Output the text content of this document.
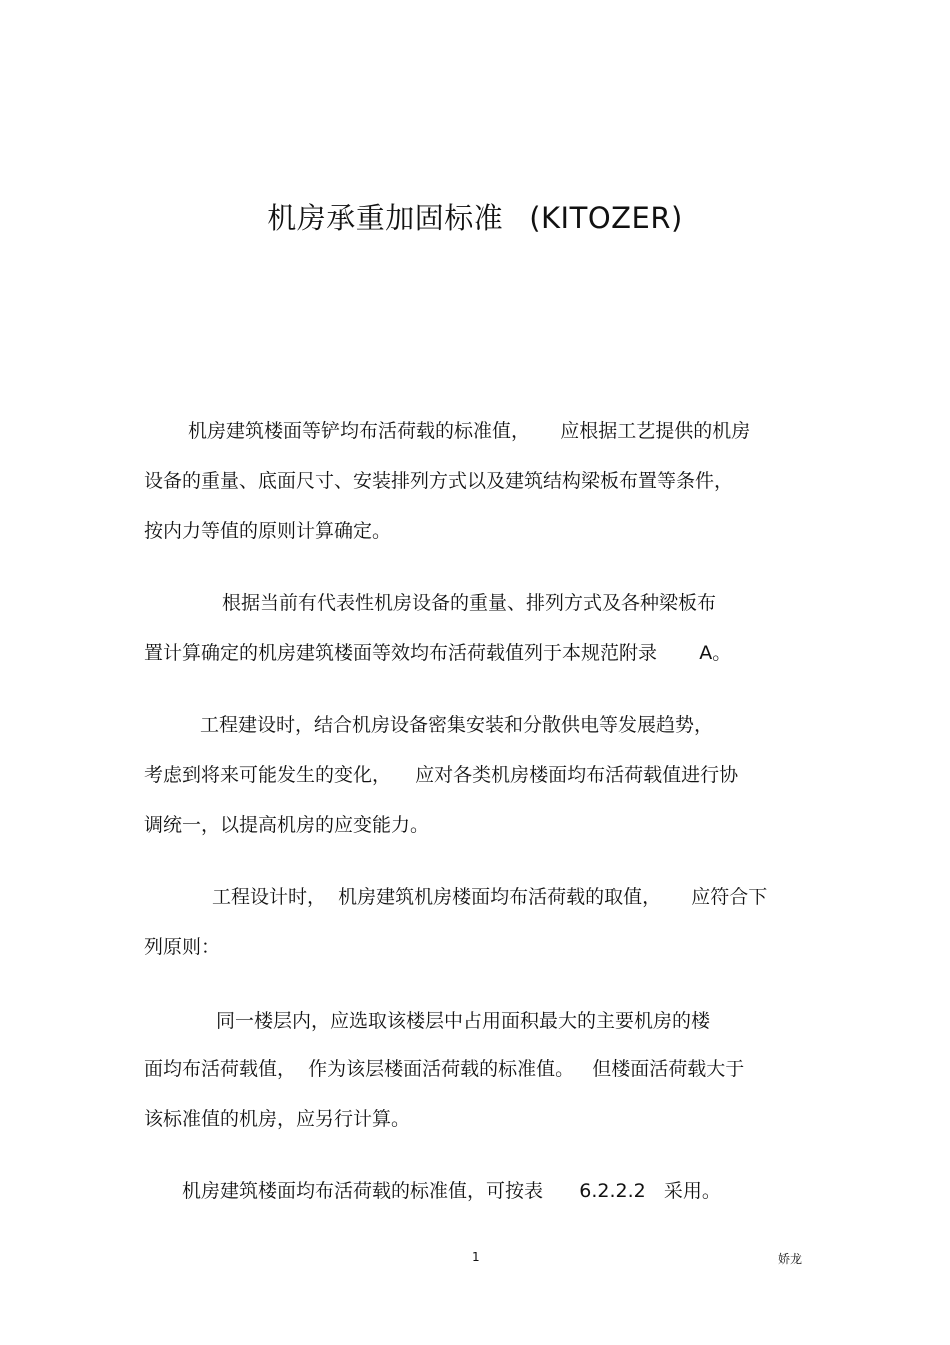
机房承重加固标准 (KITOZER)
机房建筑楼面等铲均布活荷载的标准值，     应根据工艺提供的机房
设备的重量、底面尺寸、安装排列方式以及建筑结构梁板布置等条件，
按内力等值的原则计算确定。
根据当前有代表性机房设备的重量、排列方式及各种梁板布
置计算确定的机房建筑楼面等效均布活荷载值列于本规范附录       A。
工程建设时，结合机房设备密集安装和分散供电等发展趋势，
考虑到将来可能发生的变化，    应对各类机房楼面均布活荷载值进行协
调统一，以提高机房的应变能力。
工程设计时，  机房建筑机房楼面均布活荷载的取值，     应符合下
列原则：
同一楼层内，应选取该楼层中占用面积最大的主要机房的楼
面均布活荷载值，  作为该层楼面活荷载的标准值。   但楼面活荷载大于
该标准值的机房，应另行计算。
机房建筑楼面均布活荷载的标准值，可按表      6.2.2.2   采用。
1	娇龙
